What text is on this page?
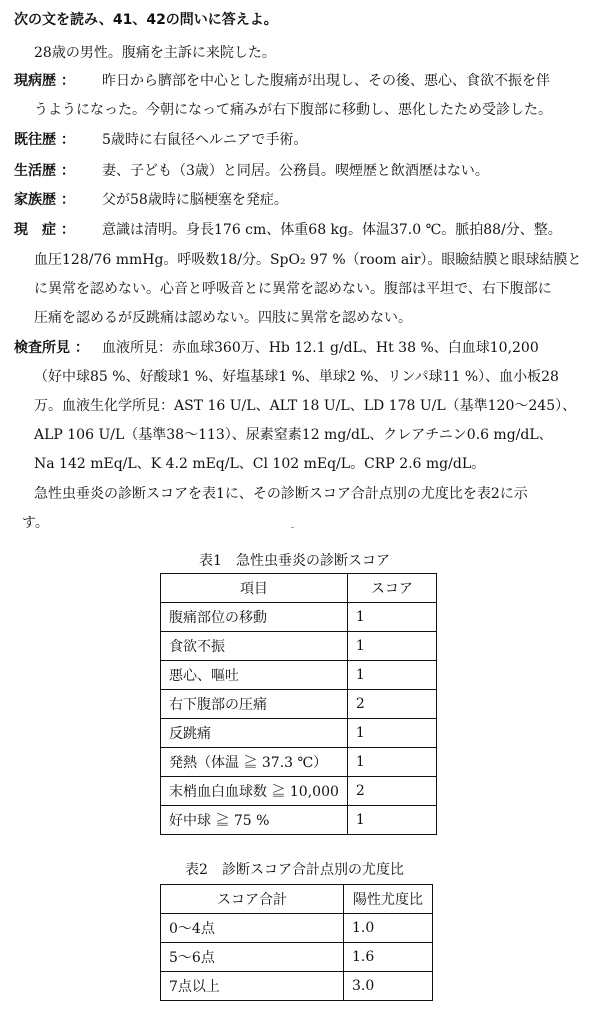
次の文を読み、41、42の問いに答えよ。
28歳の男性。腹痛を主訴に来院した。
現病歴 ： 昨日から臍部を中心とした腹痛が出現し、その後、悪心、食欲不振を伴
うようになった。今朝になって痛みが右下腹部に移動し、悪化したため受診した。
既往歴 ： 5歳時に右鼠径ヘルニアで手術。
生活歴 ： 妻、子ども（3歳）と同居。公務員。喫煙歴と飲酒歴はない。
家族歴 ： 父が58歳時に脳梗塞を発症。
現　症 ： 意識は清明。身長176 cm、体重68 kg。体温37.0 ℃。脈拍88/分、整。
血圧128/76 mmHg。呼吸数18/分。SpO₂ 97 %（room air）。眼瞼結膜と眼球結膜と
に異常を認めない。心音と呼吸音とに異常を認めない。腹部は平坦で、右下腹部に
圧痛を認めるが反跳痛は認めない。四肢に異常を認めない。
検査所見 ： 血液所見：赤血球360万、Hb 12.1 g/dL、Ht 38 %、白血球10,200
（好中球85 %、好酸球1 %、好塩基球1 %、単球2 %、リンパ球11 %）、血小板28
万。血液生化学所見：AST 16 U/L、ALT 18 U/L、LD 178 U/L（基準120〜245）、
ALP 106 U/L（基準38〜113）、尿素窒素12 mg/dL、クレアチニン0.6 mg/dL、
Na 142 mEq/L、K 4.2 mEq/L、Cl 102 mEq/L。CRP 2.6 mg/dL。
急性虫垂炎の診断スコアを表1に、その診断スコア合計点別の尤度比を表2に示
す。
表1　急性虫垂炎の診断スコア
項目	スコア
腹痛部位の移動	1
食欲不振	1
悪心、嘔吐	1
右下腹部の圧痛	2
反跳痛	1
発熱（体温 ≧ 37.3 ℃）	1
末梢血白血球数 ≧ 10,000	2
好中球 ≧ 75 %	1
表2　診断スコア合計点別の尤度比
スコア合計	陽性尤度比
0〜4点	1.0
5〜6点	1.6
7点以上	3.0
